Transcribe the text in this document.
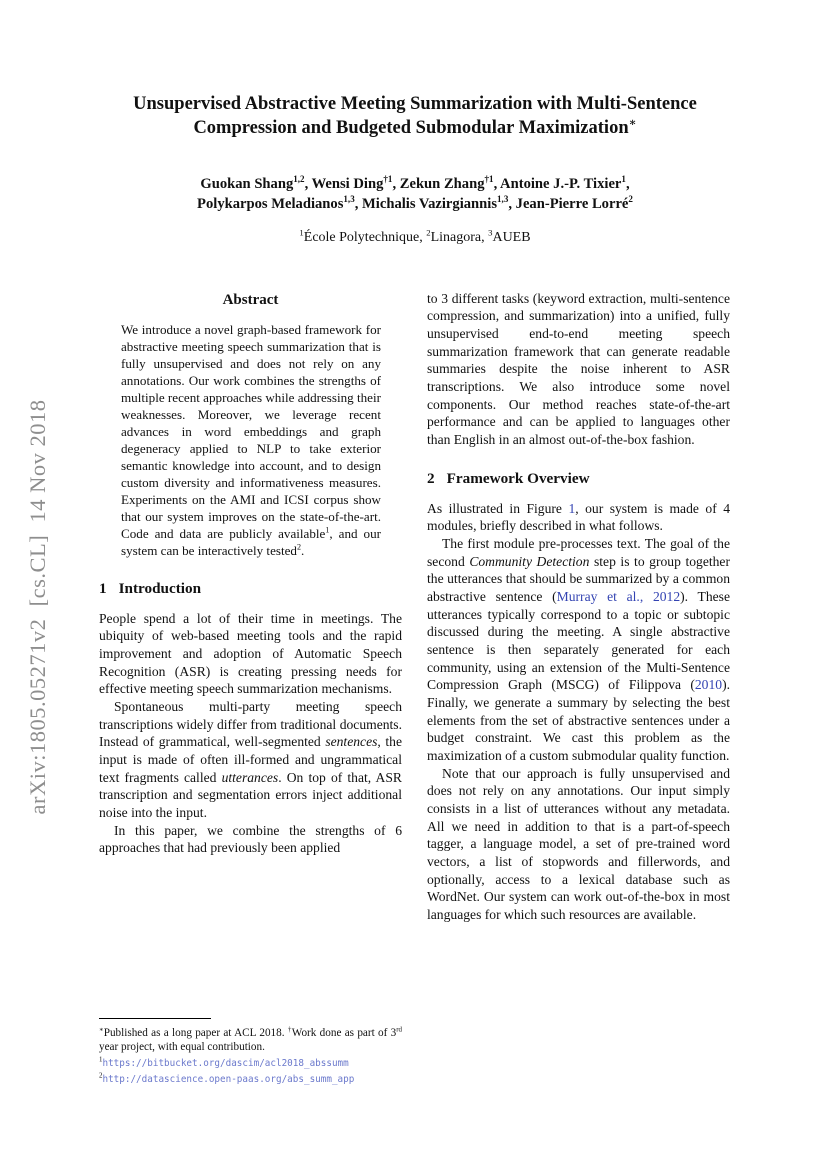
arXiv:1805.05271v2  [cs.CL]  14 Nov 2018
Unsupervised Abstractive Meeting Summarization with Multi-Sentence
Compression and Budgeted Submodular Maximization∗
Guokan Shang$^{1,2}$, Wensi Ding$^{\dagger 1}$, Zekun Zhang$^{\dagger 1}$, Antoine J.-P. Tixier$^1$,
Polykarpos Meladianos$^{1,3}$, Michalis Vazirgiannis$^{1,3}$, Jean-Pierre Lorré$^2$
$^1$École Polytechnique, $^2$Linagora, $^3$AUEB
Abstract

We introduce a novel graph-based framework for abstractive meeting speech summarization that is fully unsupervised and does not rely on any annotations. Our work combines the strengths of multiple recent approaches while addressing their weaknesses. Moreover, we leverage recent advances in word embeddings and graph degeneracy applied to NLP to take exterior semantic knowledge into account, and to design custom diversity and informativeness measures. Experiments on the AMI and ICSI corpus show that our system improves on the state-of-the-art. Code and data are publicly available$^1$, and our system can be interactively tested$^2$.

1 Introduction

People spend a lot of their time in meetings. The ubiquity of web-based meeting tools and the rapid improvement and adoption of Automatic Speech Recognition (ASR) is creating pressing needs for effective meeting speech summarization mechanisms.

Spontaneous multi-party meeting speech transcriptions widely differ from traditional documents. Instead of grammatical, well-segmented sentences, the input is made of often ill-formed and ungrammatical text fragments called utterances. On top of that, ASR transcription and segmentation errors inject additional noise into the input.

In this paper, we combine the strengths of 6 approaches that had previously been applied

∗Published as a long paper at ACL 2018. †Work done as part of 3rd year project, with equal contribution.

$^1$https://bitbucket.org/dascim/acl2018_abssumm

$^2$http://datascience.open-paas.org/abs_summ_app

to 3 different tasks (keyword extraction, multi-sentence compression, and summarization) into a unified, fully unsupervised end-to-end meeting speech summarization framework that can generate readable summaries despite the noise inherent to ASR transcriptions. We also introduce some novel components. Our method reaches state-of-the-art performance and can be applied to languages other than English in an almost out-of-the-box fashion.

2 Framework Overview

As illustrated in Figure 1, our system is made of 4 modules, briefly described in what follows.

The first module pre-processes text. The goal of the second Community Detection step is to group together the utterances that should be summarized by a common abstractive sentence (Murray et al., 2012). These utterances typically correspond to a topic or subtopic discussed during the meeting. A single abstractive sentence is then separately generated for each community, using an extension of the Multi-Sentence Compression Graph (MSCG) of Filippova (2010). Finally, we generate a summary by selecting the best elements from the set of abstractive sentences under a budget constraint. We cast this problem as the maximization of a custom submodular quality function.

Note that our approach is fully unsupervised and does not rely on any annotations. Our input simply consists in a list of utterances without any metadata. All we need in addition to that is a part-of-speech tagger, a language model, a set of pre-trained word vectors, a list of stopwords and fillerwords, and optionally, access to a lexical database such as WordNet. Our system can work out-of-the-box in most languages for which such resources are available.
